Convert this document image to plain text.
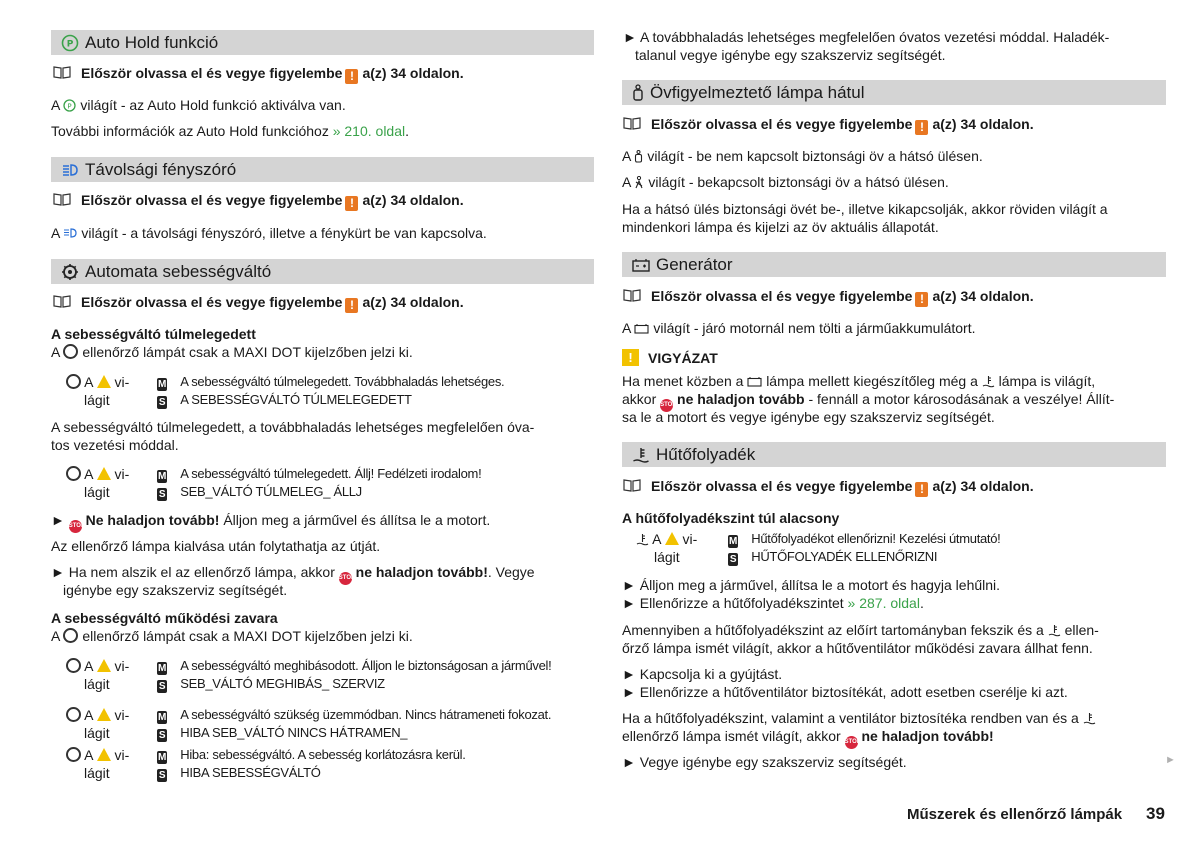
P Auto Hold funkció
Először olvassa el és vegye figyelembe ! a(z) 34 oldalon.
A P világít - az Auto Hold funkció aktiválva van.
További információk az Auto Hold funkcióhoz » 210. oldal.
Távolsági fényszóró
Először olvassa el és vegye figyelembe ! a(z) 34 oldalon.
A világít - a távolsági fényszóró, illetve a fénykürt be van kapcsolva.
Automata sebességváltó
Először olvassa el és vegye figyelembe ! a(z) 34 oldalon.
A sebességváltó túlmelegedett
A ellenőrző lámpát csak a MAXI DOT kijelzőben jelzi ki.
A vi-
lágit
M A sebességváltó túlmelegedett. Továbbhaladás lehetséges.
S A SEBESSÉGVÁLTÓ TÚLMELEGEDETT
A sebességváltó túlmelegedett, a továbbhaladás lehetséges megfelelően óva-
tos vezetési móddal.
A vi-
lágit
M A sebességváltó túlmelegedett. Állj! Fedélzeti irodalom!
S SEB_VÁLTÓ TÚLMELEG_ ÁLLJ
► STOP Ne haladjon tovább! Álljon meg a járművel és állítsa le a motort.
Az ellenőrző lámpa kialvása után folytathatja az útját.
► Ha nem alszik el az ellenőrző lámpa, akkor STOP ne haladjon tovább!. Vegye
igénybe egy szakszerviz segítségét.
A sebességváltó működési zavara
A ellenőrző lámpát csak a MAXI DOT kijelzőben jelzi ki.
A vi-
lágit
M A sebességváltó meghibásodott. Álljon le biztonságosan a járművel!
S SEB_VÁLTÓ MEGHIBÁS_ SZERVIZ
A vi-
lágit
M A sebességváltó szükség üzemmódban. Nincs hátrameneti fokozat.
S HIBA SEB_VÁLTÓ NINCS HÁTRAMEN_
A vi-
lágit
M Hiba: sebességváltó. A sebesség korlátozásra kerül.
S HIBA SEBESSÉGVÁLTÓ
► A továbbhaladás lehetséges megfelelően óvatos vezetési móddal. Haladék-
talanul vegye igénybe egy szakszerviz segítségét.
Övfigyelmeztető lámpa hátul
Először olvassa el és vegye figyelembe ! a(z) 34 oldalon.
A világít - be nem kapcsolt biztonsági öv a hátsó ülésen.
A világít - bekapcsolt biztonsági öv a hátsó ülésen.
Ha a hátsó ülés biztonsági övét be-, illetve kikapcsolják, akkor röviden világít a
mindenkori lámpa és kijelzi az öv aktuális állapotát.
Generátor
Először olvassa el és vegye figyelembe ! a(z) 34 oldalon.
A világít - járó motornál nem tölti a járműakkumulátort.
!	VIGYÁZAT
Ha menet közben a lámpa mellett kiegészítőleg még a lámpa is világít,
akkor STOP ne haladjon tovább - fennáll a motor károsodásának a veszélye! Állít-
sa le a motort és vegye igénybe egy szakszerviz segítségét.
Hűtőfolyadék
Először olvassa el és vegye figyelembe ! a(z) 34 oldalon.
A hűtőfolyadékszint túl alacsony
A vi-
lágit
M Hűtőfolyadékot ellenőrizni! Kezelési útmutató!
S HŰTŐFOLYADÉK ELLENŐRIZNI
► Álljon meg a járművel, állítsa le a motort és hagyja lehűlni.
► Ellenőrizze a hűtőfolyadékszintet » 287. oldal.
Amennyiben a hűtőfolyadékszint az előírt tartományban fekszik és a ellen-
őrző lámpa ismét világít, akkor a hűtőventilátor működési zavara állhat fenn.
► Kapcsolja ki a gyújtást.
► Ellenőrizze a hűtőventilátor biztosítékát, adott esetben cserélje ki azt.
Ha a hűtőfolyadékszint, valamint a ventilátor biztosítéka rendben van és a
ellenőrző lámpa ismét világít, akkor STOP ne haladjon tovább!
► Vegye igénybe egy szakszerviz segítségét.	►
Műszerek és ellenőrző lámpák 39
